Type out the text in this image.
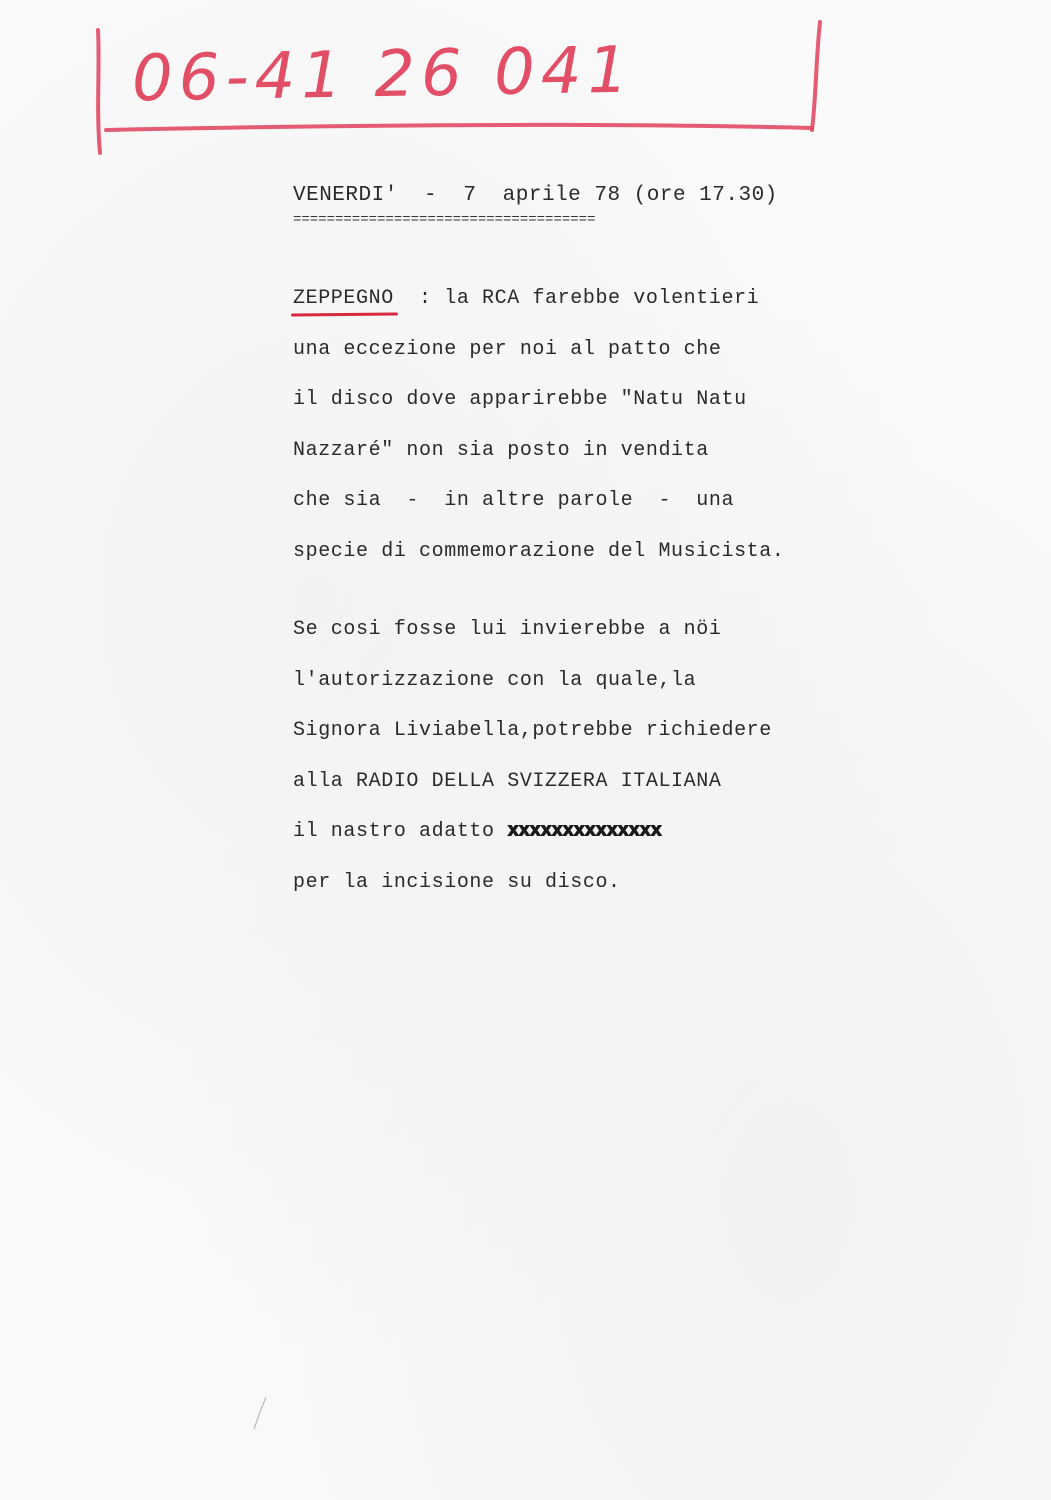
06-41 26 041
VENERDI'  -  7  aprile 78 (ore 17.30)
====================================
ZEPPEGNO  : la RCA farebbe volentieri
una eccezione per noi al patto che
il disco dove apparirebbe "Natu Natu
Nazzaré" non sia posto in vendita
che sia  -  in altre parole  -  una
specie di commemorazione del Musicista.
Se cosi fosse lui invierebbe a nöi
l'autorizzazione con la quale,la
Signora Liviabella,potrebbe richiedere
alla RADIO DELLA SVIZZERA ITALIANA
il nastro adatto xxxxxxxxxxxxxx
per la incisione su disco.
